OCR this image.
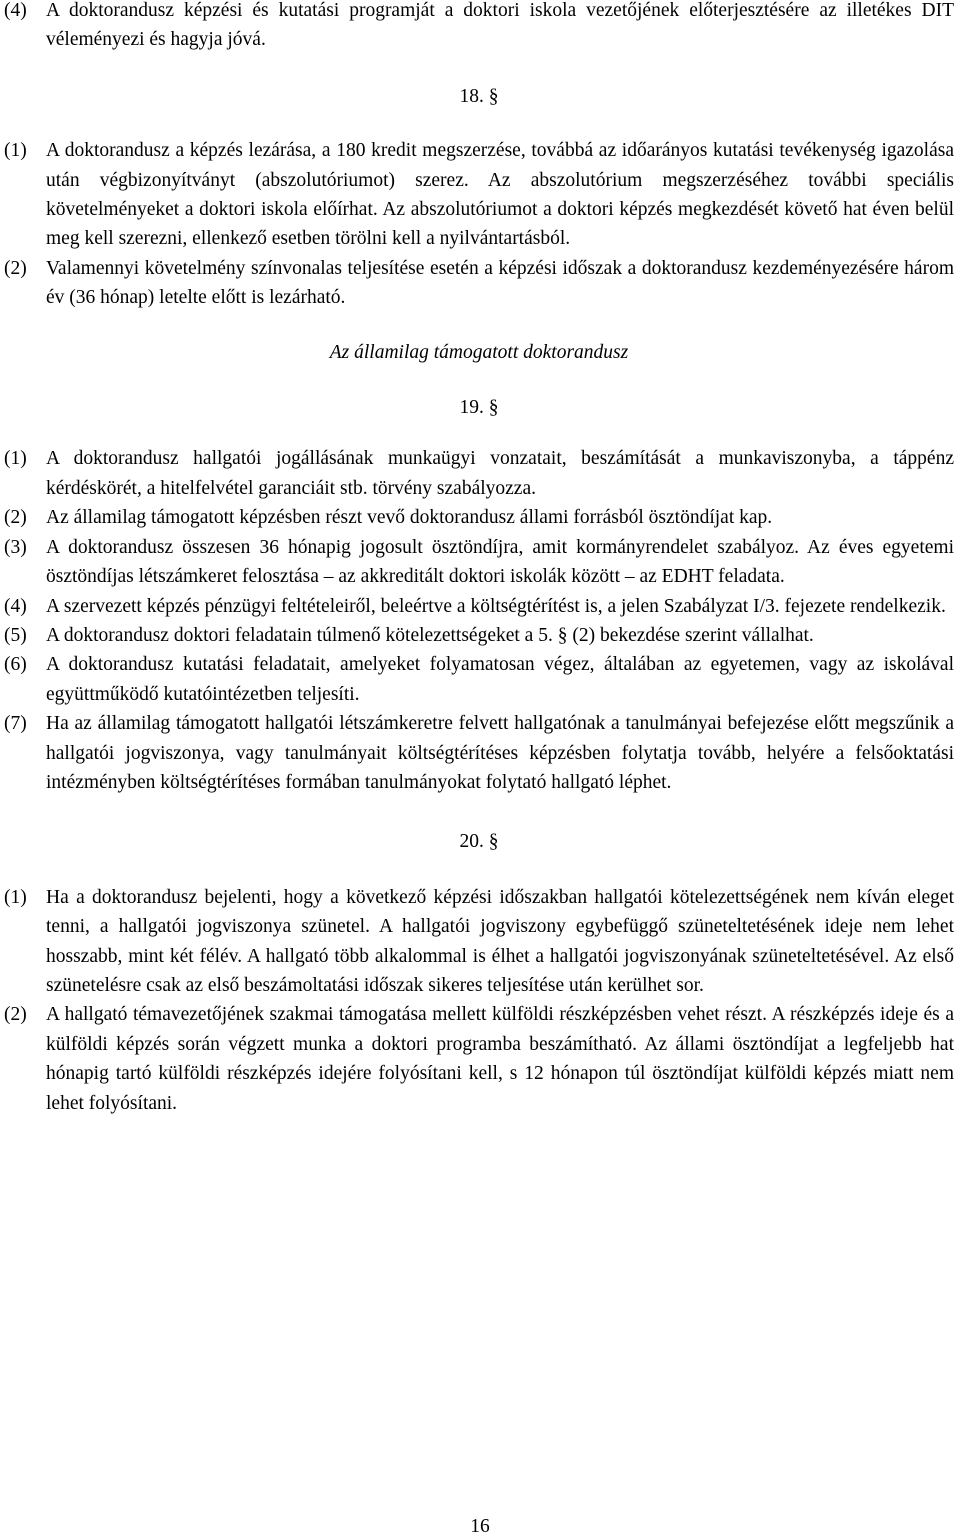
(4) A doktorandusz képzési és kutatási programját a doktori iskola vezetőjének előterjesztésére az illetékes DIT véleményezi és hagyja jóvá.
18. §
(1) A doktorandusz a képzés lezárása, a 180 kredit megszerzése, továbbá az időarányos kutatási tevékenység igazolása után végbizonyítványt (abszolutóriumot) szerez. Az abszolutórium megszerzéséhez további speciális követelményeket a doktori iskola előírhat. Az abszolutóriumot a doktori képzés megkezdését követő hat éven belül meg kell szerezni, ellenkező esetben törölni kell a nyilvántartásból.
(2) Valamennyi követelmény színvonalas teljesítése esetén a képzési időszak a doktorandusz kezdeményezésére három év (36 hónap) letelte előtt is lezárható.
Az államilag támogatott doktorandusz
19. §
(1) A doktorandusz hallgatói jogállásának munkaügyi vonzatait, beszámítását a munkaviszonyba, a táppénz kérdéskörét, a hitelfelvétel garanciáit stb. törvény szabályozza.
(2) Az államilag támogatott képzésben részt vevő doktorandusz állami forrásból ösztöndíjat kap.
(3) A doktorandusz összesen 36 hónapig jogosult ösztöndíjra, amit kormányrendelet szabályoz. Az éves egyetemi ösztöndíjas létszámkeret felosztása – az akkreditált doktori iskolák között – az EDHT feladata.
(4) A szervezett képzés pénzügyi feltételeiről, beleértve a költségtérítést is, a jelen Szabályzat I/3. fejezete rendelkezik.
(5) A doktorandusz doktori feladatain túlmenő kötelezettségeket a 5. § (2) bekezdése szerint vállalhat.
(6) A doktorandusz kutatási feladatait, amelyeket folyamatosan végez, általában az egyetemen, vagy az iskolával együttműködő kutatóintézetben teljesíti.
(7) Ha az államilag támogatott hallgatói létszámkeretre felvett hallgatónak a tanulmányai befejezése előtt megszűnik a hallgatói jogviszonya, vagy tanulmányait költségtérítéses képzésben folytatja tovább, helyére a felsőoktatási intézményben költségtérítéses formában tanulmányokat folytató hallgató léphet.
20. §
(1) Ha a doktorandusz bejelenti, hogy a következő képzési időszakban hallgatói kötelezettségének nem kíván eleget tenni, a hallgatói jogviszonya szünetel. A hallgatói jogviszony egybefüggő szüneteltetésének ideje nem lehet hosszabb, mint két félév. A hallgató több alkalommal is élhet a hallgatói jogviszonyának szüneteltetésével. Az első szünetelésre csak az első beszámoltatási időszak sikeres teljesítése után kerülhet sor.
(2) A hallgató témavezetőjének szakmai támogatása mellett külföldi részképzésben vehet részt. A részképzés ideje és a külföldi képzés során végzett munka a doktori programba beszámítható. Az állami ösztöndíjat a legfeljebb hat hónapig tartó külföldi részképzés idejére folyósítani kell, s 12 hónapon túl ösztöndíjat külföldi képzés miatt nem lehet folyósítani.
16
